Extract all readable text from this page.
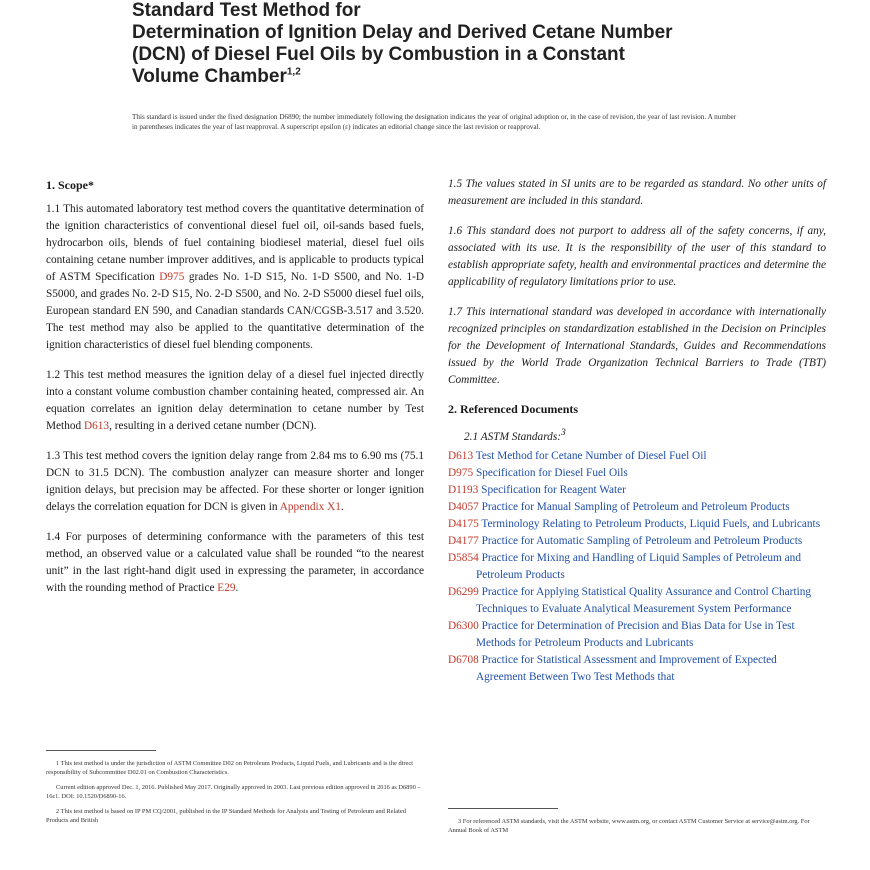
Standard Test Method for
Determination of Ignition Delay and Derived Cetane Number
(DCN) of Diesel Fuel Oils by Combustion in a Constant
Volume Chamber$^{1,2}$
This standard is issued under the fixed designation D6890; the number immediately following the designation indicates the year of original adoption or, in the case of revision, the year of last revision. A number in parentheses indicates the year of last reapproval. A superscript epsilon (ε) indicates an editorial change since the last revision or reapproval.
1. Scope*

1.1 This automated laboratory test method covers the quantitative determination of the ignition characteristics of conventional diesel fuel oil, oil-sands based fuels, hydrocarbon oils, blends of fuel containing biodiesel material, diesel fuel oils containing cetane number improver additives, and is applicable to products typical of ASTM Specification D975 grades No. 1-D S15, No. 1-D S500, and No. 1-D S5000, and grades No. 2-D S15, No. 2-D S500, and No. 2-D S5000 diesel fuel oils, European standard EN 590, and Canadian standards CAN/CGSB-3.517 and 3.520. The test method may also be applied to the quantitative determination of the ignition characteristics of diesel fuel blending components.

1.2 This test method measures the ignition delay of a diesel fuel injected directly into a constant volume combustion chamber containing heated, compressed air. An equation correlates an ignition delay determination to cetane number by Test Method D613, resulting in a derived cetane number (DCN).

1.3 This test method covers the ignition delay range from 2.84 ms to 6.90 ms (75.1 DCN to 31.5 DCN). The combustion analyzer can measure shorter and longer ignition delays, but precision may be affected. For these shorter or longer ignition delays the correlation equation for DCN is given in Appendix X1.

1.4 For purposes of determining conformance with the parameters of this test method, an observed value or a calculated value shall be rounded “to the nearest unit” in the last right-hand digit used in expressing the parameter, in accordance with the rounding method of Practice E29.

1 This test method is under the jurisdiction of ASTM Committee D02 on Petroleum Products, Liquid Fuels, and Lubricants and is the direct responsibility of Subcommittee D02.01 on Combustion Characteristics.

Current edition approved Dec. 1, 2016. Published May 2017. Originally approved in 2003. Last previous edition approved in 2016 as D6890 – 16ε1. DOI: 10.1520/D6890-16.

2 This test method is based on IP PM CQ/2001, published in the IP Standard Methods for Analysis and Testing of Petroleum and Related Products and British

1.5 The values stated in SI units are to be regarded as standard. No other units of measurement are included in this standard.

1.6 This standard does not purport to address all of the safety concerns, if any, associated with its use. It is the responsibility of the user of this standard to establish appropriate safety, health and environmental practices and determine the applicability of regulatory limitations prior to use.

1.7 This international standard was developed in accordance with internationally recognized principles on standardization established in the Decision on Principles for the Development of International Standards, Guides and Recommendations issued by the World Trade Organization Technical Barriers to Trade (TBT) Committee.

2. Referenced Documents
2.1 ASTM Standards:$^3$

D613 Test Method for Cetane Number of Diesel Fuel Oil

D975 Specification for Diesel Fuel Oils

D1193 Specification for Reagent Water

D4057 Practice for Manual Sampling of Petroleum and Petroleum Products

D4175 Terminology Relating to Petroleum Products, Liquid Fuels, and Lubricants

D4177 Practice for Automatic Sampling of Petroleum and Petroleum Products

D5854 Practice for Mixing and Handling of Liquid Samples of Petroleum and Petroleum Products

D6299 Practice for Applying Statistical Quality Assurance and Control Charting Techniques to Evaluate Analytical Measurement System Performance

D6300 Practice for Determination of Precision and Bias Data for Use in Test Methods for Petroleum Products and Lubricants

D6708 Practice for Statistical Assessment and Improvement of Expected Agreement Between Two Test Methods that

3 For referenced ASTM standards, visit the ASTM website, www.astm.org, or contact ASTM Customer Service at service@astm.org. For Annual Book of ASTM
